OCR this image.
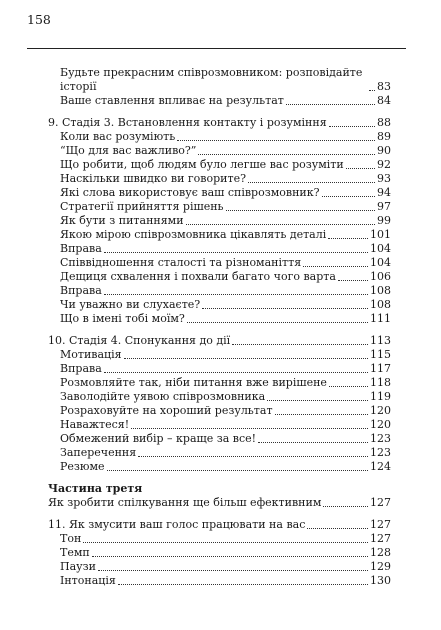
158
Будьте прекрасним співрозмовником: розповідайте історії	83
Ваше ставлення впливає на результат	84
9. Стадія 3. Встановлення контакту і розуміння	88
Коли вас розуміють	89
“Що для вас важливо?”	90
Що робити, щоб людям було легше вас розуміти	92
Наскільки швидко ви говорите?	93
Які слова використовує ваш співрозмовник?	94
Стратегії прийняття рішень	97
Як бути з питаннями	99
Якою мірою співрозмовника цікавлять деталі	101
Вправа	104
Співвідношення сталості та різноманіття	104
Дещиця схвалення і похвали багато чого варта	106
Вправа	108
Чи уважно ви слухаєте?	108
Що в імені тобі моїм?	111
10. Стадія 4. Спонукання до дії	113
Мотивація	115
Вправа	117
Розмовляйте так, ніби питання вже вирішене	118
Заволодійте уявою співрозмовника	119
Розраховуйте на хороший результат	120
Наважтеся!	120
Обмежений вибір – краще за все!	123
Заперечення	123
Резюме	124
Частина третя
Як зробити спілкування ще більш ефективним	127
11. Як змусити ваш голос працювати на вас	127
Тон	127
Темп	128
Паузи	129
Інтонація	130
